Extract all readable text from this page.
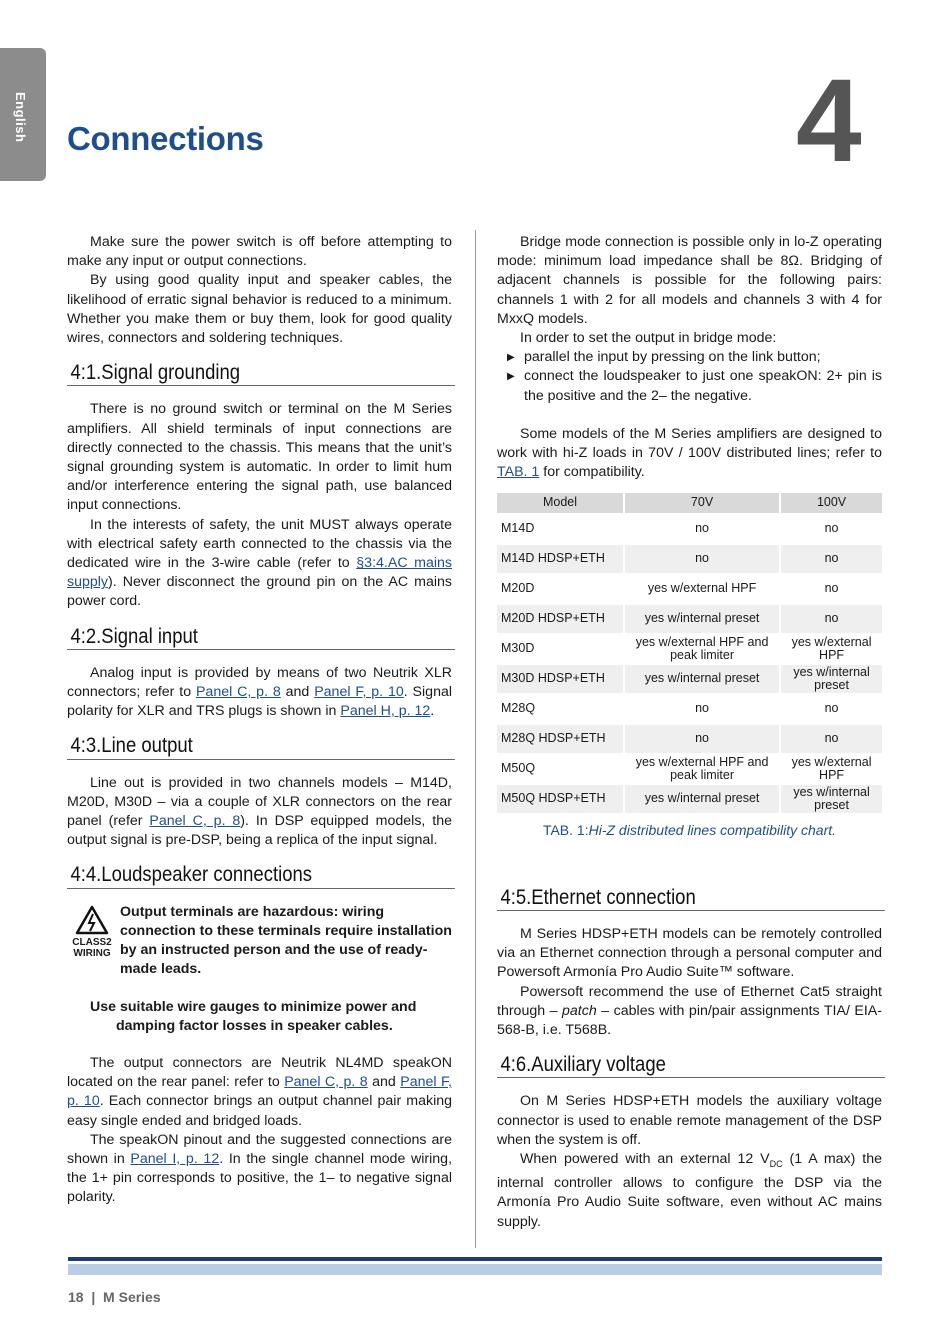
English Connections	4

Make sure the power switch is off before attempting to make any input or output connections.

By using good quality input and speaker cables, the likelihood of erratic signal behavior is reduced to a minimum. Whether you make them or buy them, look for good quality wires, connectors and soldering techniques.

4:1.Signal grounding

There is no ground switch or terminal on the M Series amplifiers. All shield terminals of input connections are directly connected to the chassis. This means that the unit’s signal grounding system is automatic. In order to limit hum and/or interference entering the signal path, use balanced input connections.

In the interests of safety, the unit MUST always operate with electrical safety earth connected to the chassis via the dedicated wire in the 3-wire cable (refer to §3:4.AC mains supply). Never disconnect the ground pin on the AC mains power cord.

4:2.Signal input

Analog input is provided by means of two Neutrik XLR connectors; refer to Panel C, p. 8 and Panel F, p. 10. Signal polarity for XLR and TRS plugs is shown in Panel H, p. 12.

4:3.Line output

Line out is provided in two channels models – M14D, M20D, M30D – via a couple of XLR connectors on the rear panel (refer Panel C, p. 8). In DSP equipped models, the output signal is pre-DSP, being a replica of the input signal.

4:4.Loudspeaker connections
CLASS2
WIRING

Output terminals are hazardous: wiring connection to these terminals require installation by an instructed person and the use of ready-made leads.

Use suitable wire gauges to minimize power and
damping factor losses in speaker cables.

The output connectors are Neutrik NL4MD speakON located on the rear panel: refer to Panel C, p. 8 and Panel F, p. 10. Each connector brings an output channel pair making easy single ended and bridged loads.

The speakON pinout and the suggested connections are shown in Panel I, p. 12. In the single channel mode wiring, the 1+ pin corresponds to positive, the 1– to negative signal polarity.

Bridge mode connection is possible only in lo-Z operating mode: minimum load impedance shall be 8Ω. Bridging of adjacent channels is possible for the following pairs: channels 1 with 2 for all models and channels 3 with 4 for MxxQ models.

In order to set the output in bridge mode:

▶ parallel the input by pressing on the link button;
▶ connect the loudspeaker to just one speakON: 2+ pin is the positive and the 2– the negative.

Some models of the M Series amplifiers are designed to work with hi-Z loads in 70V / 100V distributed lines; refer to TAB. 1 for compatibility.

Model	70V	100V
M14D	no	no
M14D HDSP+ETH	no	no
M20D	yes w/external HPF	no
M20D HDSP+ETH	yes w/internal preset	no
M30D	yes w/external HPF and peak limiter	yes w/external HPF
M30D HDSP+ETH	yes w/internal preset	yes w/internal preset
M28Q	no	no
M28Q HDSP+ETH	no	no
M50Q	yes w/external HPF and peak limiter	yes w/external HPF
M50Q HDSP+ETH	yes w/internal preset	yes w/internal preset
TAB. 1:Hi-Z distributed lines compatibility chart.
4:5.Ethernet connection

M Series HDSP+ETH models can be remotely controlled via an Ethernet connection through a personal computer and Powersoft Armonía Pro Audio Suite™ software.

Powersoft recommend the use of Ethernet Cat5 straight through – patch – cables with pin/pair assignments TIA/ EIA-568-B, i.e. T568B.

4:6.Auxiliary voltage

On M Series HDSP+ETH models the auxiliary voltage connector is used to enable remote management of the DSP when the system is off.

When powered with an external 12 $V_{DC}$ (1 A max) the internal controller allows to configure the DSP via the Armonía Pro Audio Suite software, even without AC mains supply.

18  |  M Series
